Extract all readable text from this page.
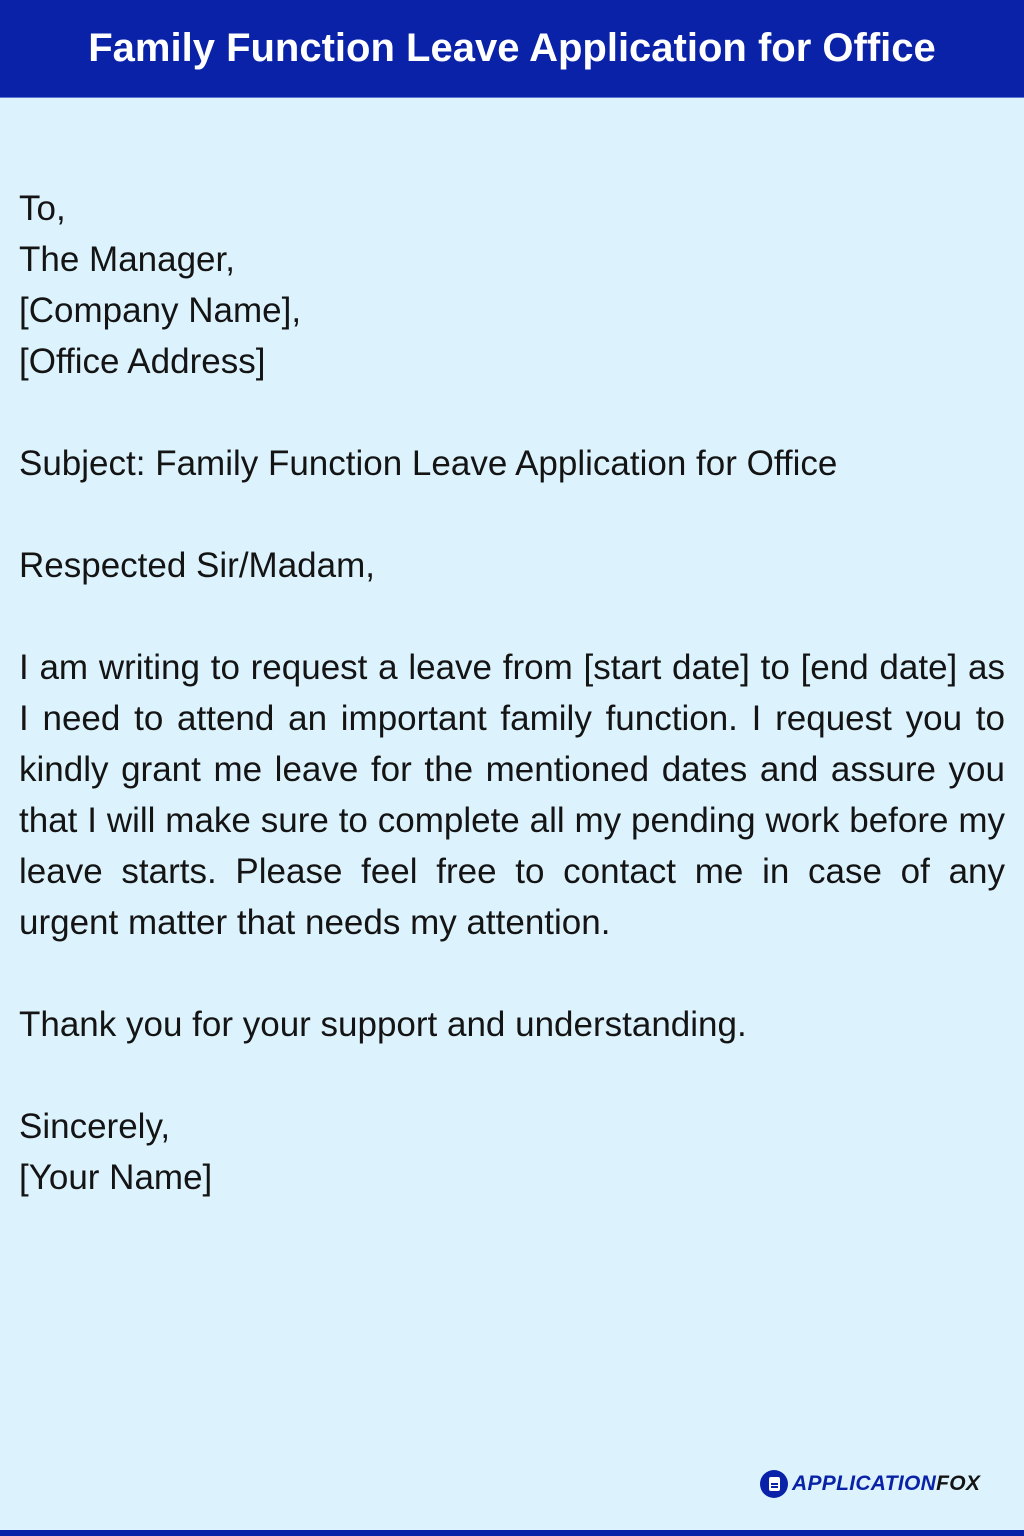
Family Function Leave Application for Office
To,
The Manager,
[Company Name],
[Office Address]
Subject: Family Function Leave Application for Office
Respected Sir/Madam,
I am writing to request a leave from [start date] to [end date] as I need to attend an important family function. I request you to kindly grant me leave for the mentioned dates and assure you that I will make sure to complete all my pending work before my leave starts. Please feel free to contact me in case of any urgent matter that needs my attention.
Thank you for your support and understanding.
Sincerely,
[Your Name]
APPLICATIONFOX
